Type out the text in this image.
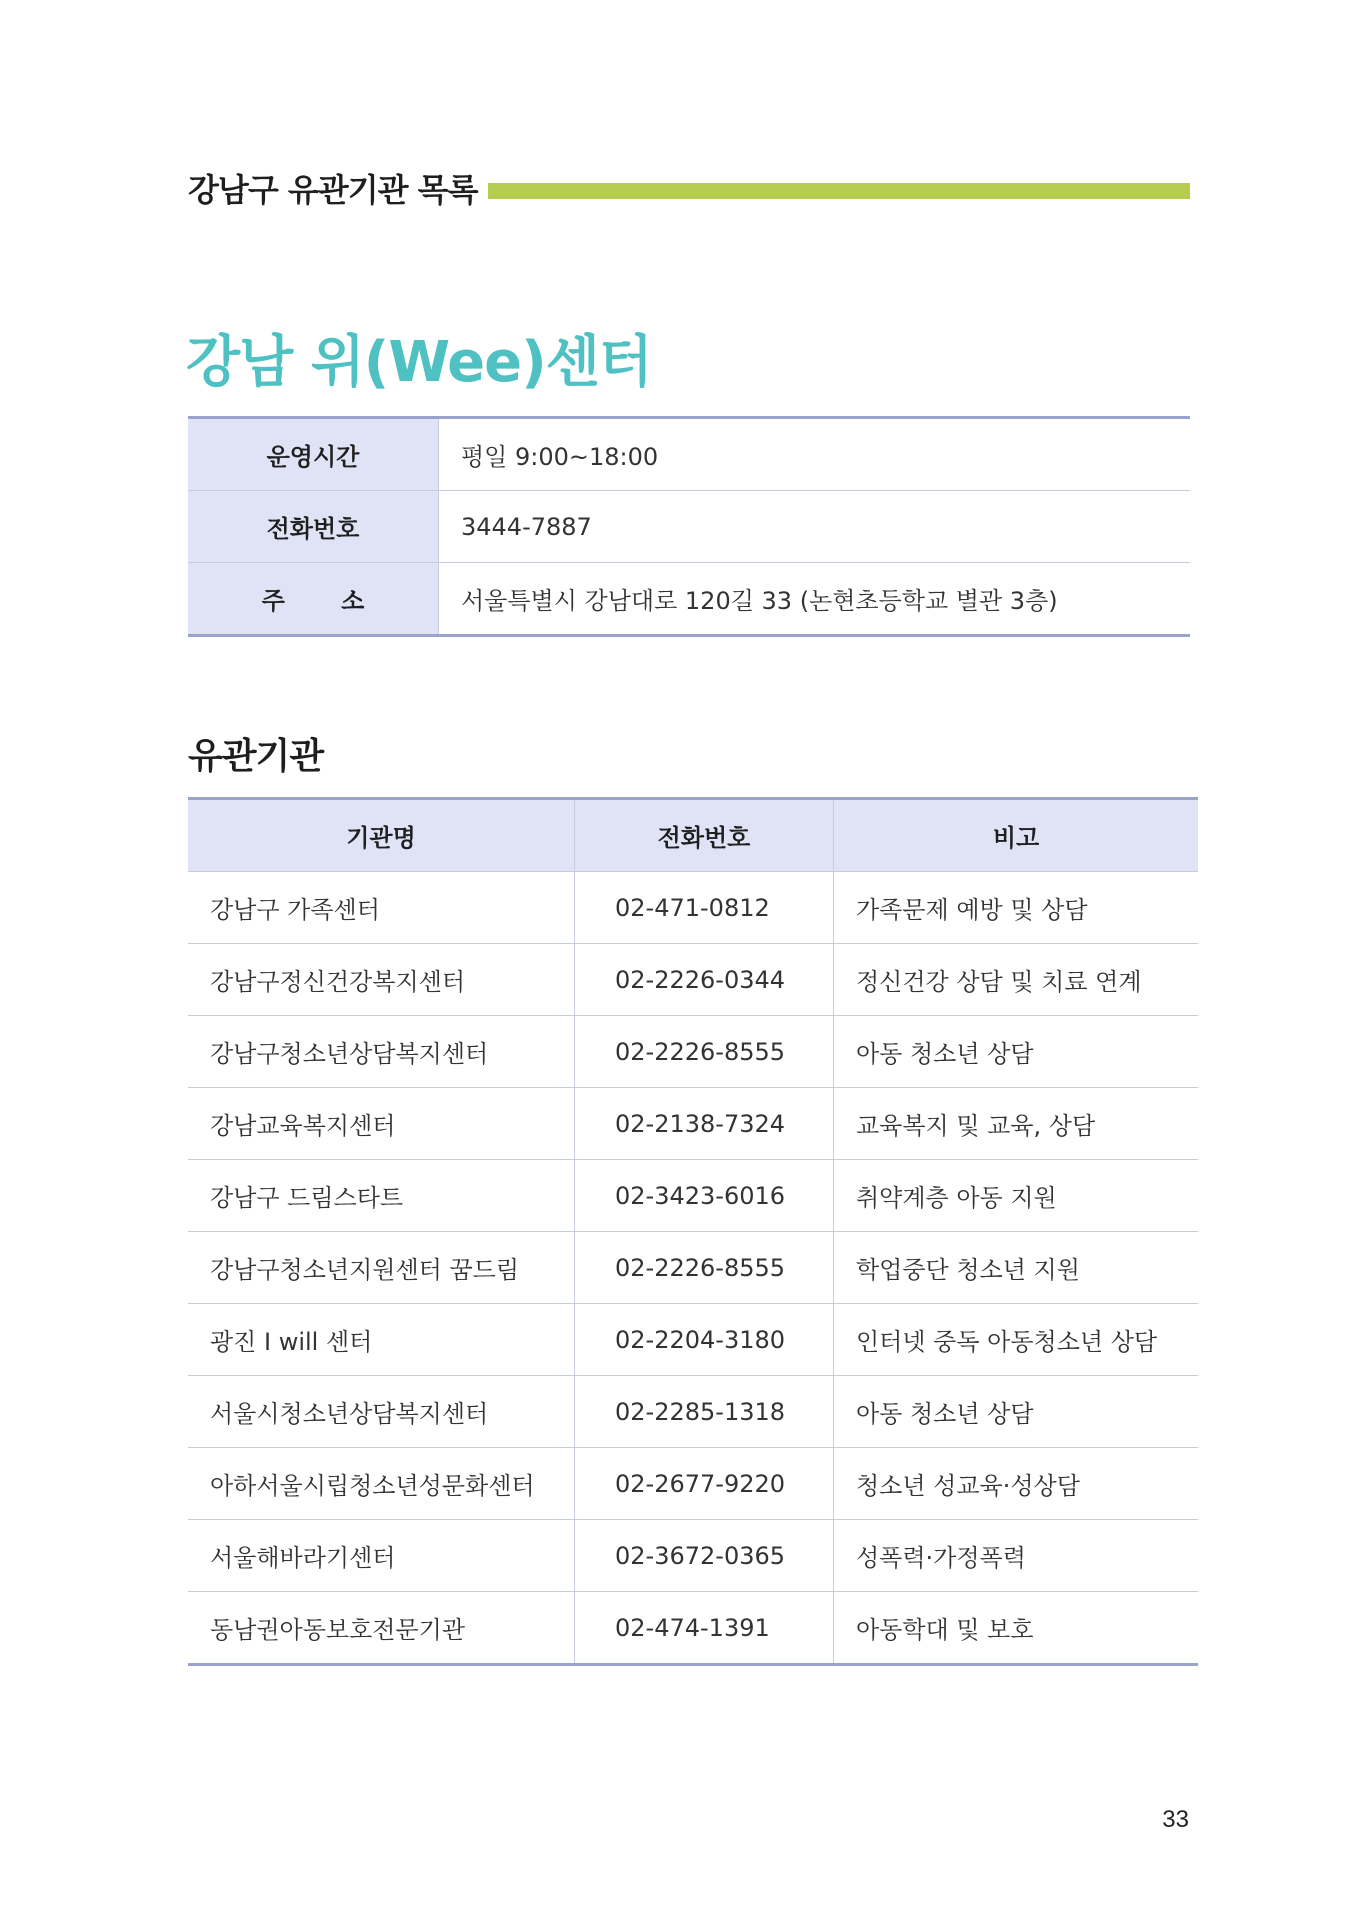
강남구 유관기관 목록
강남 위(Wee)센터
운영시간	평일 9:00~18:00
전화번호	3444-7887
주 소	서울특별시 강남대로 120길 33 (논현초등학교 별관 3층)
유관기관
기관명	전화번호	비고
강남구 가족센터	02-471-0812	가족문제 예방 및 상담
강남구정신건강복지센터	02-2226-0344	정신건강 상담 및 치료 연계
강남구청소년상담복지센터	02-2226-8555	아동 청소년 상담
강남교육복지센터	02-2138-7324	교육복지 및 교육, 상담
강남구 드림스타트	02-3423-6016	취약계층 아동 지원
강남구청소년지원센터 꿈드림	02-2226-8555	학업중단 청소년 지원
광진 I will 센터	02-2204-3180	인터넷 중독 아동청소년 상담
서울시청소년상담복지센터	02-2285-1318	아동 청소년 상담
아하서울시립청소년성문화센터	02-2677-9220	청소년 성교육·성상담
서울해바라기센터	02-3672-0365	성폭력·가정폭력
동남권아동보호전문기관	02-474-1391	아동학대 및 보호
33
